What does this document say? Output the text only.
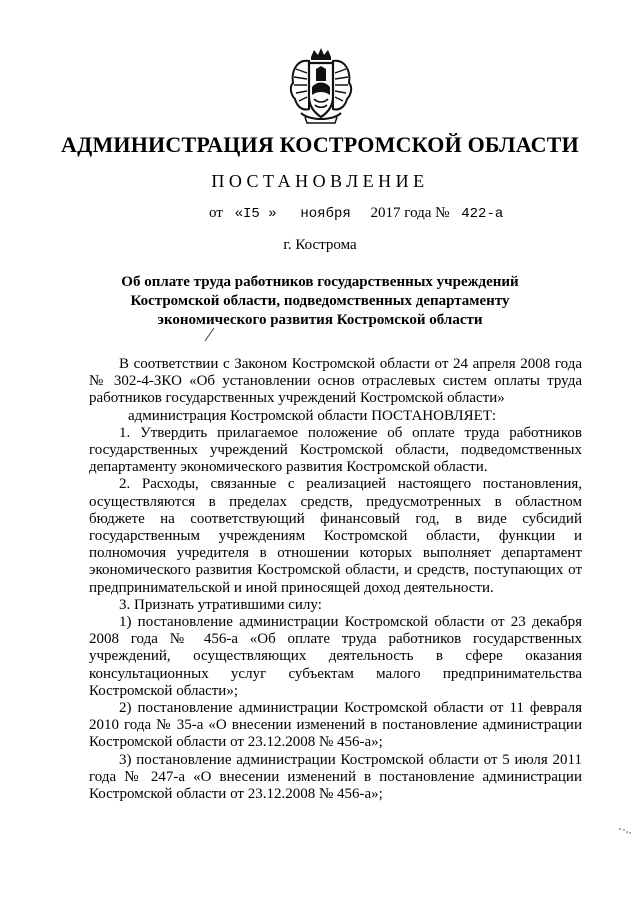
АДМИНИСТРАЦИЯ КОСТРОМСКОЙ ОБЛАСТИ
ПОСТАНОВЛЕНИЕ
от «I5 » ноября 2017 года № 422-а
г. Кострома
Об оплате труда работников государственных учреждений
Костромской области, подведомственных департаменту
экономического развития Костромской области

В соответствии с Законом Костромской области от 24 апреля 2008 года № 302-4-ЗКО «Об установлении основ отраслевых систем оплаты труда работников государственных учреждений Костромской области»

администрация Костромской области ПОСТАНОВЛЯЕТ:

1. Утвердить прилагаемое положение об оплате труда работников государственных учреждений Костромской области, подведомственных департаменту экономического развития Костромской области.

2. Расходы, связанные с реализацией настоящего постановления, осуществляются в пределах средств, предусмотренных в областном бюджете на соответствующий финансовый год, в виде субсидий государственным учреждениям Костромской области, функции и полномочия учредителя в отношении которых выполняет департамент экономического развития Костромской области, и средств, поступающих от предпринимательской и иной приносящей доход деятельности.

3. Признать утратившими силу:

1) постановление администрации Костромской области от 23 декабря 2008 года № 456-а «Об оплате труда работников государственных учреждений, осуществляющих деятельность в сфере оказания консультационных услуг субъектам малого предпринимательства Костромской области»;

2) постановление администрации Костромской области от 11 февраля 2010 года № 35-а «О внесении изменений в постановление администрации Костромской области от 23.12.2008 № 456-а»;

3) постановление администрации Костромской области от 5 июля 2011 года № 247-а «О внесении изменений в постановление администрации Костромской области от 23.12.2008 № 456-а»;
